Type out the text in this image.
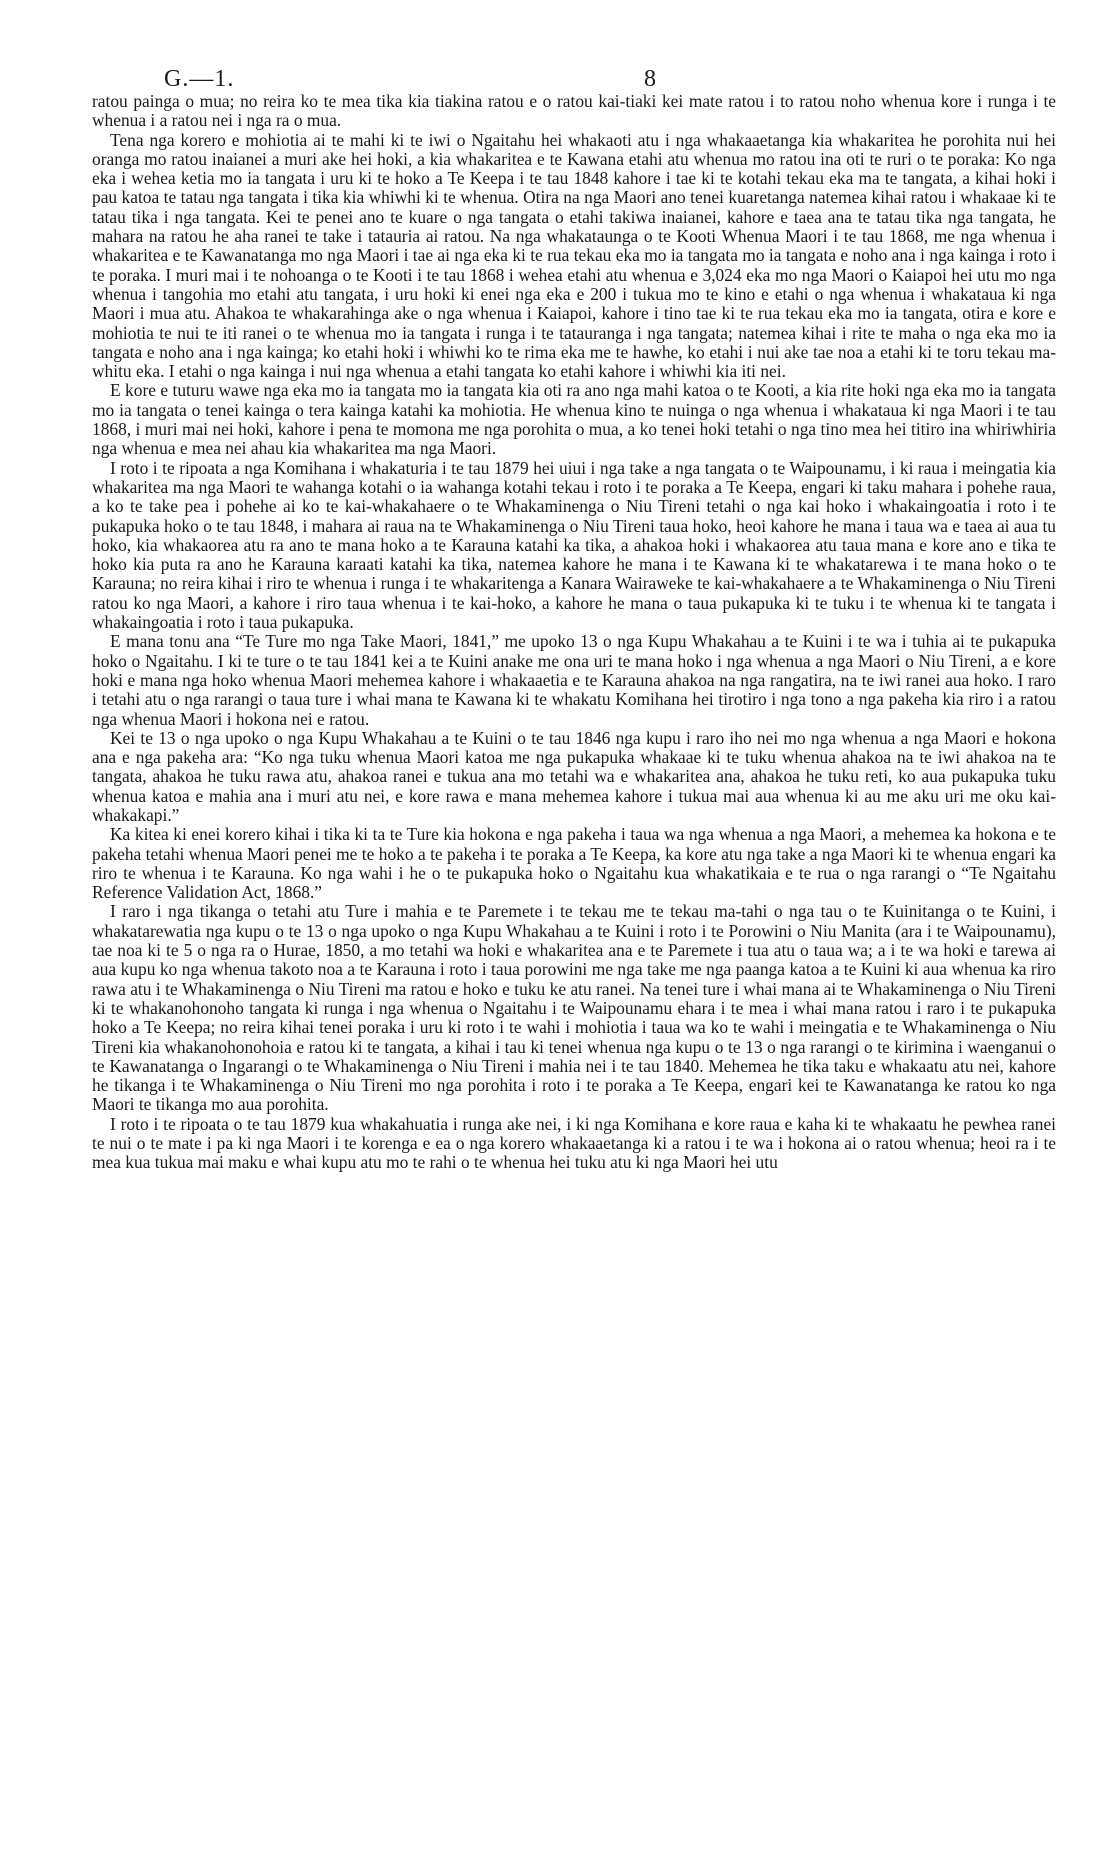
G.—1.	8

ratou painga o mua; no reira ko te mea tika kia tiakina ratou e o ratou kai-tiaki kei mate ratou i to ratou noho whenua kore i runga i te whenua i a ratou nei i nga ra o mua.

Tena nga korero e mohiotia ai te mahi ki te iwi o Ngaitahu hei whakaoti atu i nga whakaaetanga kia whakaritea he porohita nui hei oranga mo ratou inaianei a muri ake hei hoki, a kia whakaritea e te Kawana etahi atu whenua mo ratou ina oti te ruri o te poraka: Ko nga eka i wehea ketia mo ia tangata i uru ki te hoko a Te Keepa i te tau 1848 kahore i tae ki te kotahi tekau eka ma te tangata, a kihai hoki i pau katoa te tatau nga tangata i tika kia whiwhi ki te whenua. Otira na nga Maori ano tenei kuaretanga natemea kihai ratou i whakaae ki te tatau tika i nga tangata. Kei te penei ano te kuare o nga tangata o etahi takiwa inaianei, kahore e taea ana te tatau tika nga tangata, he mahara na ratou he aha ranei te take i tatauria ai ratou. Na nga whakataunga o te Kooti Whenua Maori i te tau 1868, me nga whenua i whakaritea e te Kawanatanga mo nga Maori i tae ai nga eka ki te rua tekau eka mo ia tangata mo ia tangata e noho ana i nga kainga i roto i te poraka. I muri mai i te nohoanga o te Kooti i te tau 1868 i wehea etahi atu whenua e 3,024 eka mo nga Maori o Kaiapoi hei utu mo nga whenua i tangohia mo etahi atu tangata, i uru hoki ki enei nga eka e 200 i tukua mo te kino e etahi o nga whenua i whakataua ki nga Maori i mua atu. Ahakoa te whakarahinga ake o nga whenua i Kaiapoi, kahore i tino tae ki te rua tekau eka mo ia tangata, otira e kore e mohiotia te nui te iti ranei o te whenua mo ia tangata i runga i te tatauranga i nga tangata; natemea kihai i rite te maha o nga eka mo ia tangata e noho ana i nga kainga; ko etahi hoki i whiwhi ko te rima eka me te hawhe, ko etahi i nui ake tae noa a etahi ki te toru tekau ma-whitu eka. I etahi o nga kainga i nui nga whenua a etahi tangata ko etahi kahore i whiwhi kia iti nei.

E kore e tuturu wawe nga eka mo ia tangata mo ia tangata kia oti ra ano nga mahi katoa o te Kooti, a kia rite hoki nga eka mo ia tangata mo ia tangata o tenei kainga o tera kainga katahi ka mohiotia. He whenua kino te nuinga o nga whenua i whakataua ki nga Maori i te tau 1868, i muri mai nei hoki, kahore i pena te momona me nga porohita o mua, a ko tenei hoki tetahi o nga tino mea hei titiro ina whiriwhiria nga whenua e mea nei ahau kia whakaritea ma nga Maori.

I roto i te ripoata a nga Komihana i whakaturia i te tau 1879 hei uiui i nga take a nga tangata o te Waipounamu, i ki raua i meingatia kia whakaritea ma nga Maori te wahanga kotahi o ia wahanga kotahi tekau i roto i te poraka a Te Keepa, engari ki taku mahara i pohehe raua, a ko te take pea i pohehe ai ko te kai-whakahaere o te Whakaminenga o Niu Tireni tetahi o nga kai hoko i whakaingoatia i roto i te pukapuka hoko o te tau 1848, i mahara ai raua na te Whakaminenga o Niu Tireni taua hoko, heoi kahore he mana i taua wa e taea ai aua tu hoko, kia whakaorea atu ra ano te mana hoko a te Karauna katahi ka tika, a ahakoa hoki i whakaorea atu taua mana e kore ano e tika te hoko kia puta ra ano he Karauna karaati katahi ka tika, natemea kahore he mana i te Kawana ki te whakatarewa i te mana hoko o te Karauna; no reira kihai i riro te whenua i runga i te whakaritenga a Kanara Wairaweke te kai-whakahaere a te Whakaminenga o Niu Tireni ratou ko nga Maori, a kahore i riro taua whenua i te kai-hoko, a kahore he mana o taua pukapuka ki te tuku i te whenua ki te tangata i whakaingoatia i roto i taua pukapuka.

E mana tonu ana “Te Ture mo nga Take Maori, 1841,” me upoko 13 o nga Kupu Whakahau a te Kuini i te wa i tuhia ai te pukapuka hoko o Ngaitahu. I ki te ture o te tau 1841 kei a te Kuini anake me ona uri te mana hoko i nga whenua a nga Maori o Niu Tireni, a e kore hoki e mana nga hoko whenua Maori mehemea kahore i whakaaetia e te Karauna ahakoa na nga rangatira, na te iwi ranei aua hoko. I raro i tetahi atu o nga rarangi o taua ture i whai mana te Kawana ki te whakatu Komihana hei tirotiro i nga tono a nga pakeha kia riro i a ratou nga whenua Maori i hokona nei e ratou.

Kei te 13 o nga upoko o nga Kupu Whakahau a te Kuini o te tau 1846 nga kupu i raro iho nei mo nga whenua a nga Maori e hokona ana e nga pakeha ara: “Ko nga tuku whenua Maori katoa me nga pukapuka whakaae ki te tuku whenua ahakoa na te iwi ahakoa na te tangata, ahakoa he tuku rawa atu, ahakoa ranei e tukua ana mo tetahi wa e whakaritea ana, ahakoa he tuku reti, ko aua pukapuka tuku whenua katoa e mahia ana i muri atu nei, e kore rawa e mana mehemea kahore i tukua mai aua whenua ki au me aku uri me oku kai-whakakapi.”

Ka kitea ki enei korero kihai i tika ki ta te Ture kia hokona e nga pakeha i taua wa nga whenua a nga Maori, a mehemea ka hokona e te pakeha tetahi whenua Maori penei me te hoko a te pakeha i te poraka a Te Keepa, ka kore atu nga take a nga Maori ki te whenua engari ka riro te whenua i te Karauna. Ko nga wahi i he o te pukapuka hoko o Ngaitahu kua whakatikaia e te rua o nga rarangi o “Te Ngaitahu Reference Validation Act, 1868.”

I raro i nga tikanga o tetahi atu Ture i mahia e te Paremete i te tekau me te tekau ma-tahi o nga tau o te Kuinitanga o te Kuini, i whakatarewatia nga kupu o te 13 o nga upoko o nga Kupu Whakahau a te Kuini i roto i te Porowini o Niu Manita (ara i te Waipounamu), tae noa ki te 5 o nga ra o Hurae, 1850, a mo tetahi wa hoki e whakaritea ana e te Paremete i tua atu o taua wa; a i te wa hoki e tarewa ai aua kupu ko nga whenua takoto noa a te Karauna i roto i taua porowini me nga take me nga paanga katoa a te Kuini ki aua whenua ka riro rawa atu i te Whakaminenga o Niu Tireni ma ratou e hoko e tuku ke atu ranei. Na tenei ture i whai mana ai te Whakaminenga o Niu Tireni ki te whakanohonoho tangata ki runga i nga whenua o Ngaitahu i te Waipounamu ehara i te mea i whai mana ratou i raro i te pukapuka hoko a Te Keepa; no reira kihai tenei poraka i uru ki roto i te wahi i mohiotia i taua wa ko te wahi i meingatia e te Whakaminenga o Niu Tireni kia whakanohonohoia e ratou ki te tangata, a kihai i tau ki tenei whenua nga kupu o te 13 o nga rarangi o te kirimina i waenganui o te Kawanatanga o Ingarangi o te Whakaminenga o Niu Tireni i mahia nei i te tau 1840. Mehemea he tika taku e whakaatu atu nei, kahore he tikanga i te Whakaminenga o Niu Tireni mo nga porohita i roto i te poraka a Te Keepa, engari kei te Kawanatanga ke ratou ko nga Maori te tikanga mo aua porohita.

I roto i te ripoata o te tau 1879 kua whakahuatia i runga ake nei, i ki nga Komihana e kore raua e kaha ki te whakaatu he pewhea ranei te nui o te mate i pa ki nga Maori i te korenga e ea o nga korero whakaaetanga ki a ratou i te wa i hokona ai o ratou whenua; heoi ra i te mea kua tukua mai maku e whai kupu atu mo te rahi o te whenua hei tuku atu ki nga Maori hei utu
